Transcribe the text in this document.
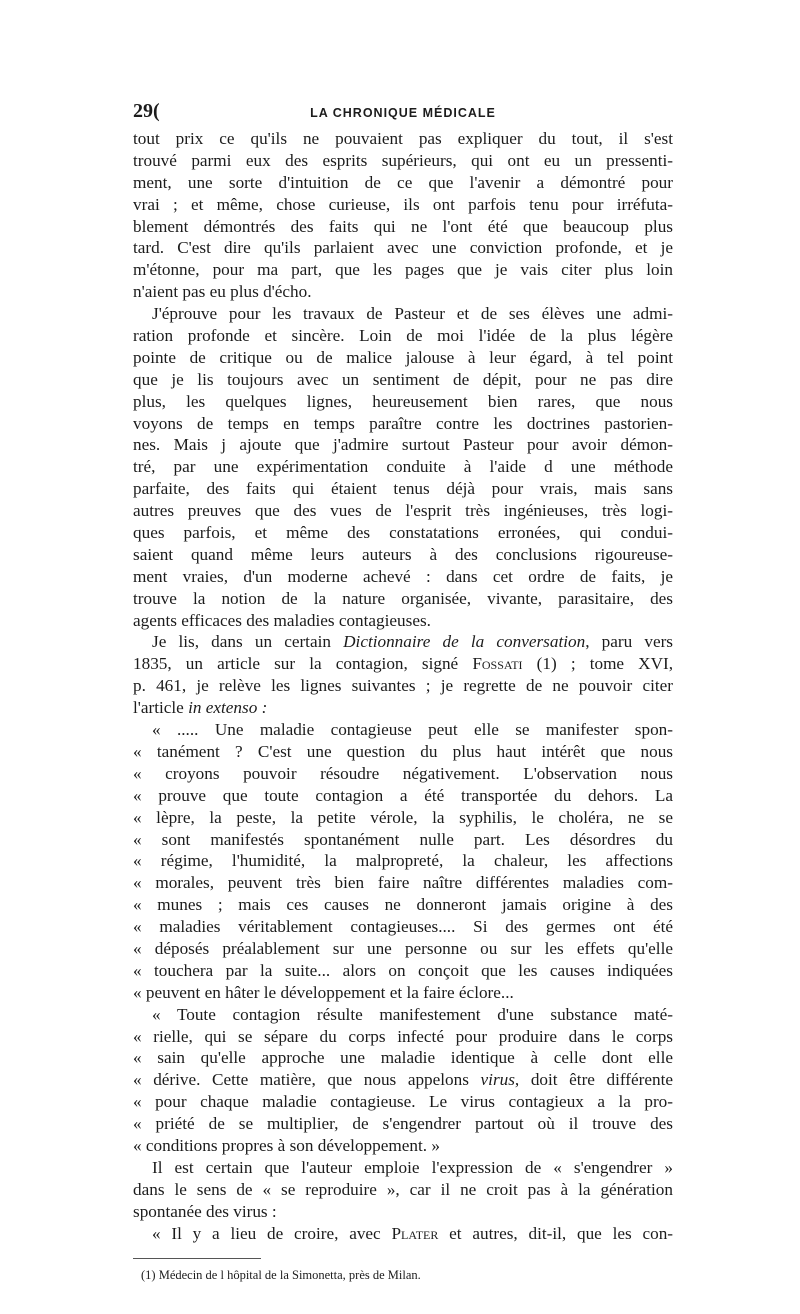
29(	LA CHRONIQUE MÉDICALE
tout prix ce qu'ils ne pouvaient pas expliquer du tout, il s'est
trouvé parmi eux des esprits supérieurs, qui ont eu un pressenti-
ment, une sorte d'intuition de ce que l'avenir a démontré pour
vrai ; et même, chose curieuse, ils ont parfois tenu pour irréfuta-
blement démontrés des faits qui ne l'ont été que beaucoup plus
tard. C'est dire qu'ils parlaient avec une conviction profonde, et je
m'étonne, pour ma part, que les pages que je vais citer plus loin
n'aient pas eu plus d'écho.
J'éprouve pour les travaux de Pasteur et de ses élèves une admi-
ration profonde et sincère. Loin de moi l'idée de la plus légère
pointe de critique ou de malice jalouse à leur égard, à tel point
que je lis toujours avec un sentiment de dépit, pour ne pas dire
plus, les quelques lignes, heureusement bien rares, que nous
voyons de temps en temps paraître contre les doctrines pastorien-
nes. Mais j ajoute que j'admire surtout Pasteur pour avoir démon-
tré, par une expérimentation conduite à l'aide d une méthode
parfaite, des faits qui étaient tenus déjà pour vrais, mais sans
autres preuves que des vues de l'esprit très ingénieuses, très logi-
ques parfois, et même des constatations erronées, qui condui-
saient quand même leurs auteurs à des conclusions rigoureuse-
ment vraies, d'un moderne achevé : dans cet ordre de faits, je
trouve la notion de la nature organisée, vivante, parasitaire, des
agents efficaces des maladies contagieuses.
Je lis, dans un certain Dictionnaire de la conversation, paru vers
1835, un article sur la contagion, signé Fossati (1) ; tome XVI,
p. 461, je relève les lignes suivantes ; je regrette de ne pouvoir citer
l'article in extenso :
« ..... Une maladie contagieuse peut elle se manifester spon-
« tanément ? C'est une question du plus haut intérêt que nous
« croyons pouvoir résoudre négativement. L'observation nous
« prouve que toute contagion a été transportée du dehors. La
« lèpre, la peste, la petite vérole, la syphilis, le choléra, ne se
« sont manifestés spontanément nulle part. Les désordres du
« régime, l'humidité, la malpropreté, la chaleur, les affections
« morales, peuvent très bien faire naître différentes maladies com-
« munes ; mais ces causes ne donneront jamais origine à des
« maladies véritablement contagieuses.... Si des germes ont été
« déposés préalablement sur une personne ou sur les effets qu'elle
« touchera par la suite... alors on conçoit que les causes indiquées
« peuvent en hâter le développement et la faire éclore...
« Toute contagion résulte manifestement d'une substance maté-
« rielle, qui se sépare du corps infecté pour produire dans le corps
« sain qu'elle approche une maladie identique à celle dont elle
« dérive. Cette matière, que nous appelons virus, doit être différente
« pour chaque maladie contagieuse. Le virus contagieux a la pro-
« priété de se multiplier, de s'engendrer partout où il trouve des
« conditions propres à son développement. »
Il est certain que l'auteur emploie l'expression de « s'engendrer »
dans le sens de « se reproduire », car il ne croit pas à la génération
spontanée des virus :
« Il y a lieu de croire, avec Plater et autres, dit-il, que les con-
(1) Médecin de l hôpital de la Simonetta, près de Milan.
